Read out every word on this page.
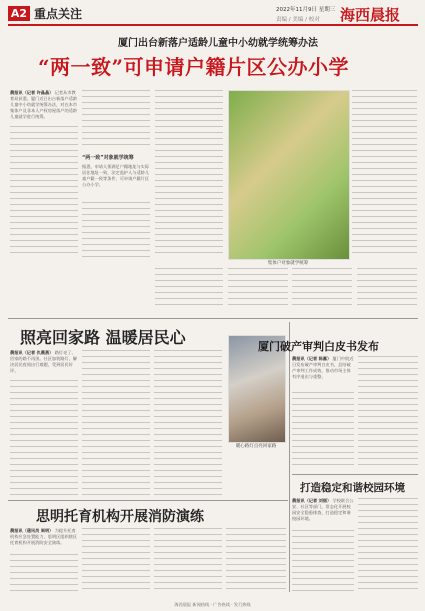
A2 重点关注	2022年11月9日 星期三
责编 / 美编 / 校对	海西晨报
厦门出台新落户适龄儿童中小幼就学统筹办法
“两一致”可申请户籍片区公办小学
晨报讯（记者 许晶晶） 记者从市教育局获悉，厦门近日出台新落户适龄儿童中小幼就学统筹办法，对在本市集体户及非本人产权房屋落户的适龄儿童就学进行统筹。
“两一致”对象就学统筹
据悉，申请人须满足户籍地址与实际居住地址一致、法定监护人与适龄儿童户籍一致等条件，可申请户籍片区公办小学。
集体户对象就学统筹
照亮回家路 温暖居民心
晨报讯（记者 仇晨燕） 路灯亮了，回家的路不再黑。社区加装路灯，解决居民夜间出行难题，受到居民好评。
暖心路灯点亮回家路
厦门破产审判白皮书发布
晨报讯（记者 陈嘉） 厦门中院近日发布破产审判白皮书，总结破产审判工作成效，推动市场主体有序退出与重整。
思明托育机构开展消防演练
晨报讯（通讯员 周明） 为提升托育机构应急处置能力，思明区组织辖区托育机构开展消防安全演练。
打造稳定和谐校园环境
晨报讯（记者 刘丽） 学校联合公安、社区等部门，常态化开展校园安全隐患排查，打造稳定和谐校园环境。
海西晨报 新闻热线 · 广告热线 · 发行热线
